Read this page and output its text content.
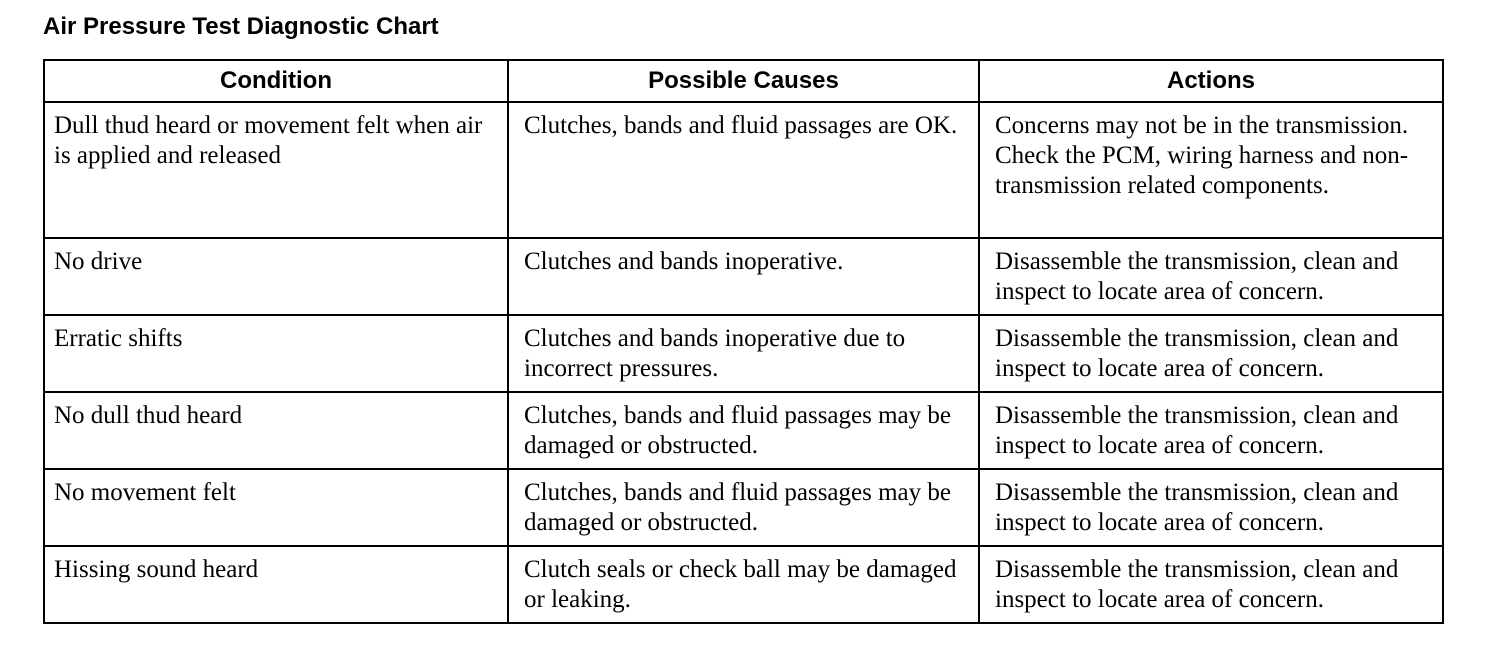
Air Pressure Test Diagnostic Chart
Condition	Possible Causes	Actions
Dull thud heard or movement felt when air is applied and released	Clutches, bands and fluid passages are OK.	Concerns may not be in the transmission. Check the PCM, wiring harness and non-transmission related components.
No drive	Clutches and bands inoperative.	Disassemble the transmission, clean and inspect to locate area of concern.
Erratic shifts	Clutches and bands inoperative due to incorrect pressures.	Disassemble the transmission, clean and inspect to locate area of concern.
No dull thud heard	Clutches, bands and fluid passages may be damaged or obstructed.	Disassemble the transmission, clean and inspect to locate area of concern.
No movement felt	Clutches, bands and fluid passages may be damaged or obstructed.	Disassemble the transmission, clean and inspect to locate area of concern.
Hissing sound heard	Clutch seals or check ball may be damaged or leaking.	Disassemble the transmission, clean and inspect to locate area of concern.
